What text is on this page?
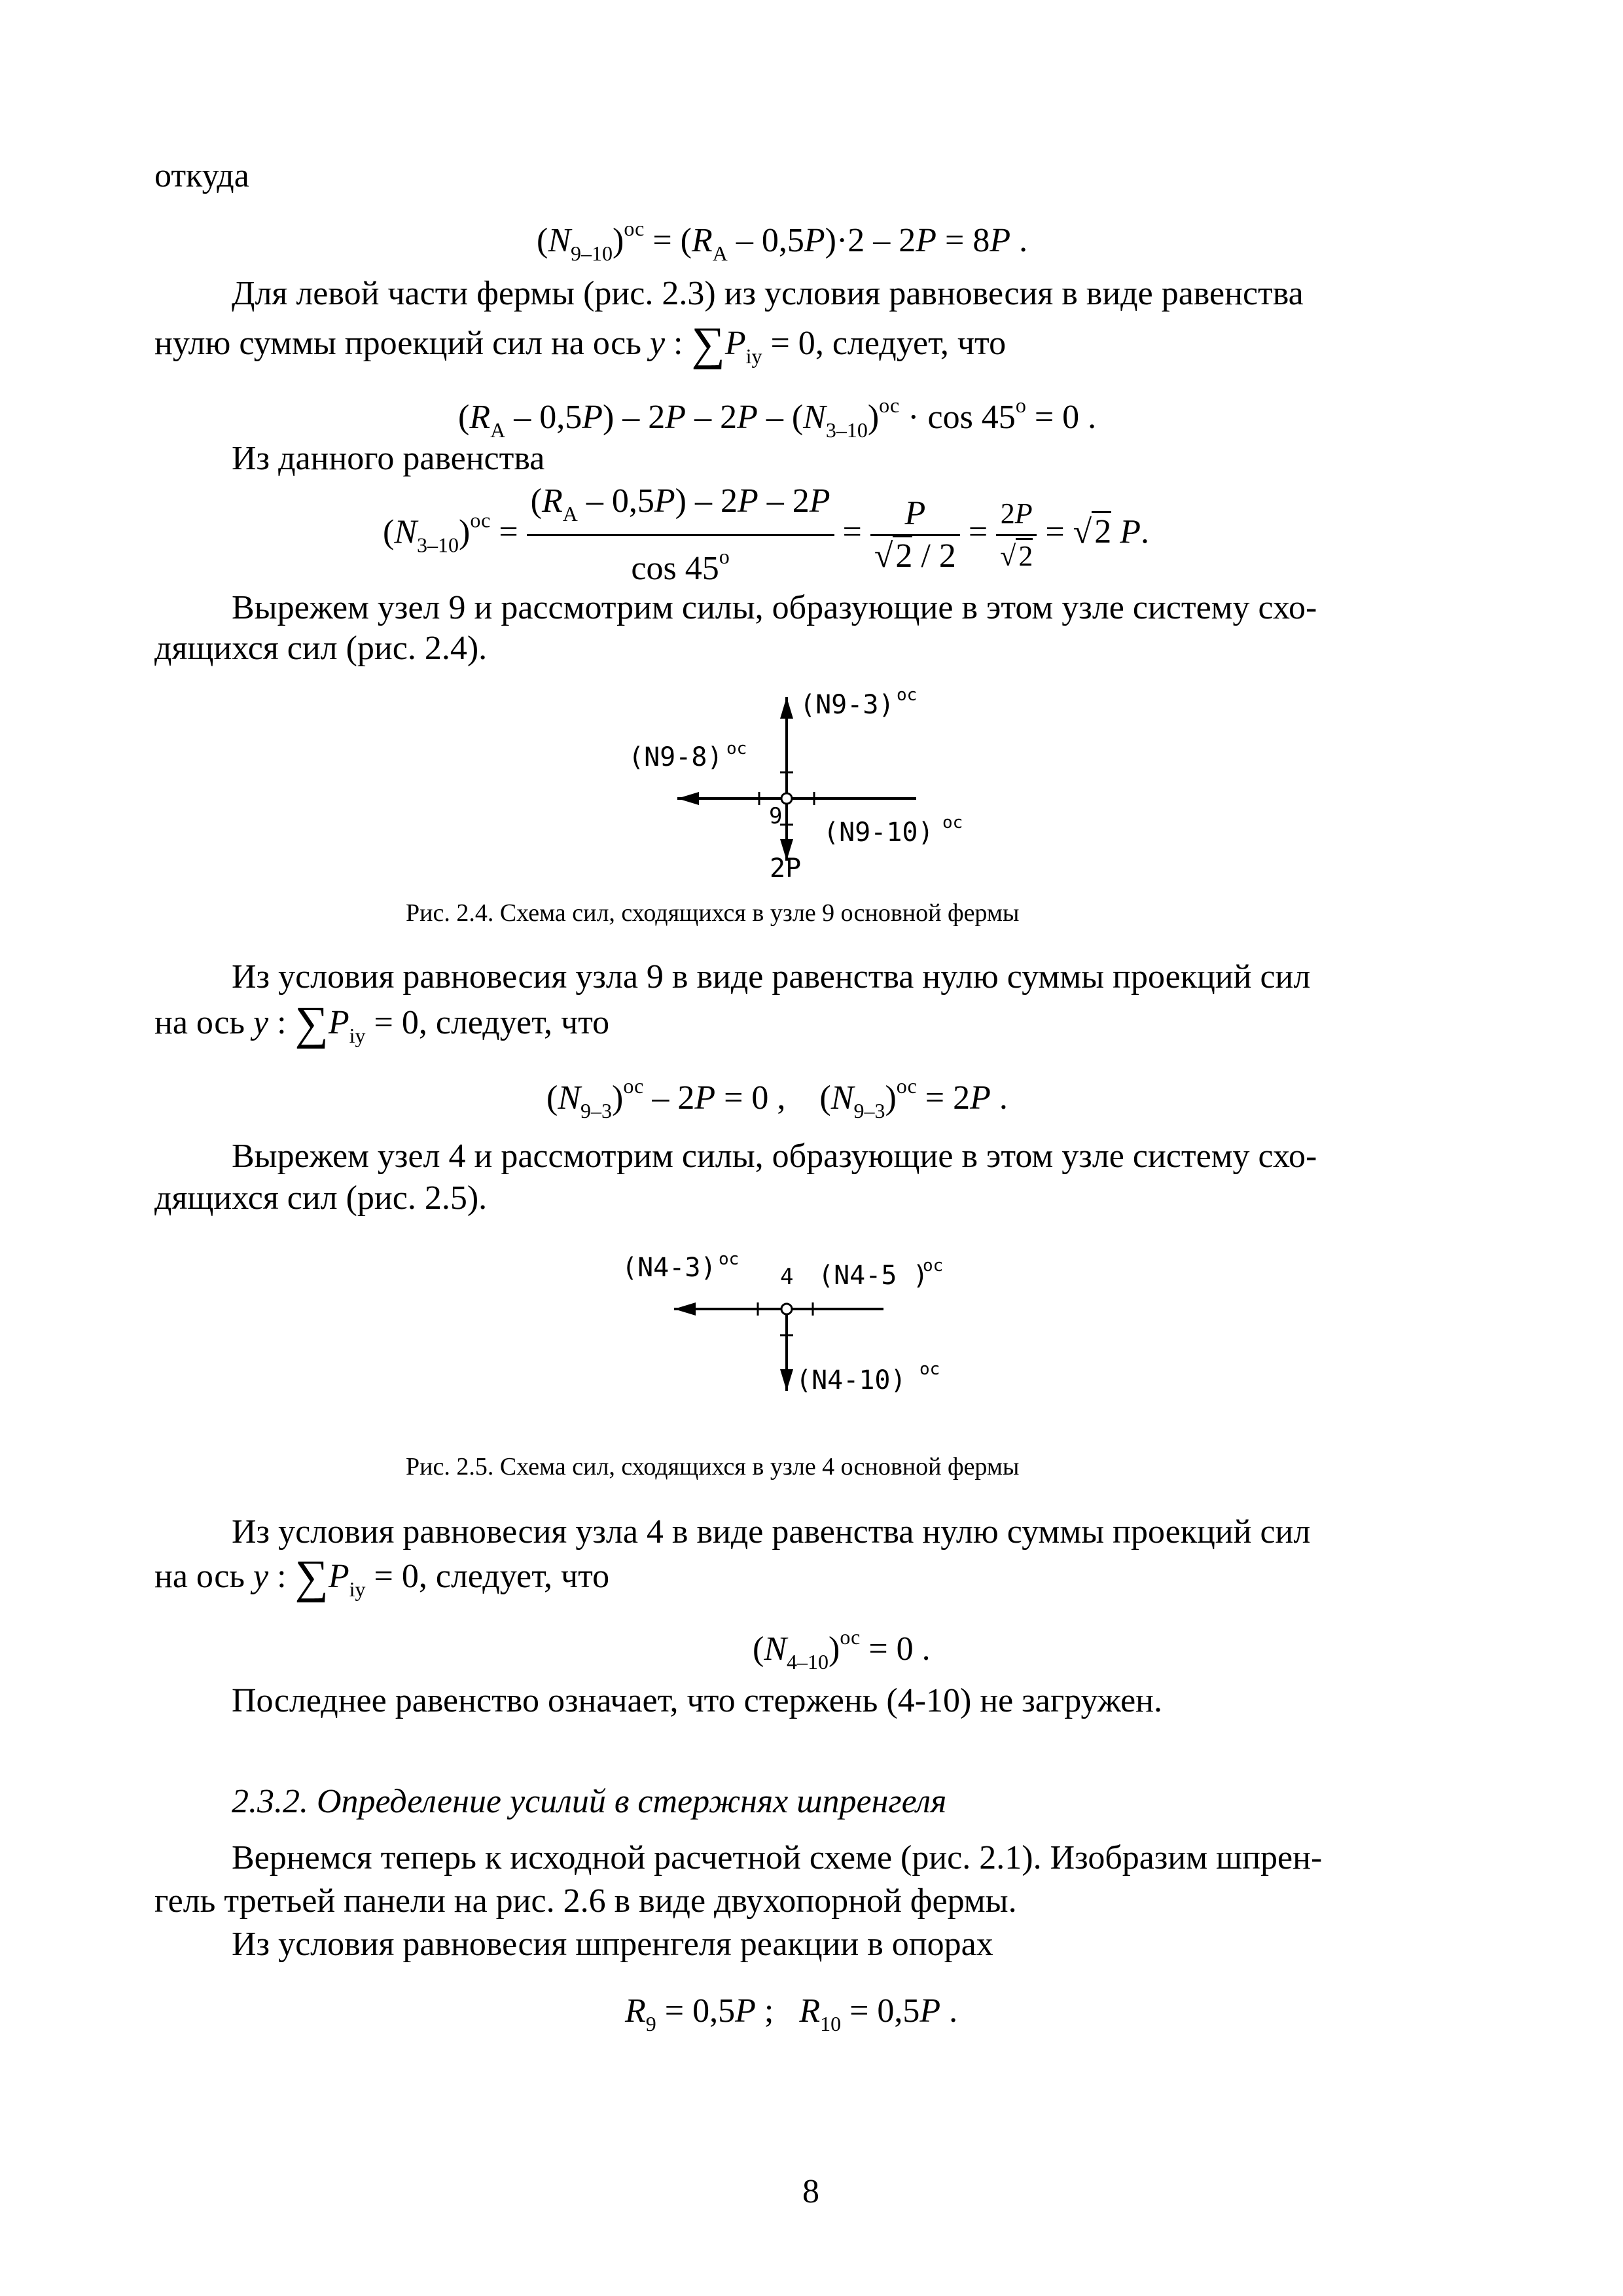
откуда
$(N_{9-10})^{ос} = (R_A - 0,5P)\cdot 2 - 2P = 8P$ .
Для левой части фермы (рис. 2.3) из условия равновесия в виде равенства
нулю суммы проекций сил на ось y : $\sum P_{iy} = 0$, следует, что
$(R_A - 0,5P) - 2P - 2P - (N_{3-10})^{ос} \cdot \cos 45^o = 0$ .
Из данного равенства
$(N_{3-10})^{ос} = \frac{(R_A - 0,5P) - 2P - 2P}{\cos 45^o} = \frac{P}{√2 / 2} = \frac{2P}{√2} = √2$ P.
Вырежем узел 9 и рассмотрим силы, образующие в этом узле систему схо-
дящихся сил (рис. 2.4).
(N9-3) oc
(N9-8) oc
9
(N9-10) oc
2P
Рис. 2.4. Схема сил, сходящихся в узле 9 основной фермы
Из условия равновесия узла 9 в виде равенства нулю суммы проекций сил
на ось y : $\sum P_{iy} = 0$, следует, что
$(N_{9-3})^{ос} - 2P = 0$ ,    $(N_{9-3})^{ос} = 2P$ .
Вырежем узел 4 и рассмотрим силы, образующие в этом узле систему схо-
дящихся сил (рис. 2.5).
(N4-3) oc
4 (N4-5 )
oc
(N4-10) oc
Рис. 2.5. Схема сил, сходящихся в узле 4 основной фермы
Из условия равновесия узла 4 в виде равенства нулю суммы проекций сил
на ось y : $\sum P_{iy} = 0$, следует, что
$(N_{4-10})^{ос} = 0$ .
Последнее равенство означает, что стержень (4-10) не загружен.
2.3.2. Определение усилий в стержнях шпренгеля
Вернемся теперь к исходной расчетной схеме (рис. 2.1). Изобразим шпрен-
гель третьей панели на рис. 2.6 в виде двухопорной фермы.
Из условия равновесия шпренгеля реакции в опорах
$R_9 = 0,5P$ ;   $R_{10} = 0,5P$ .
8
